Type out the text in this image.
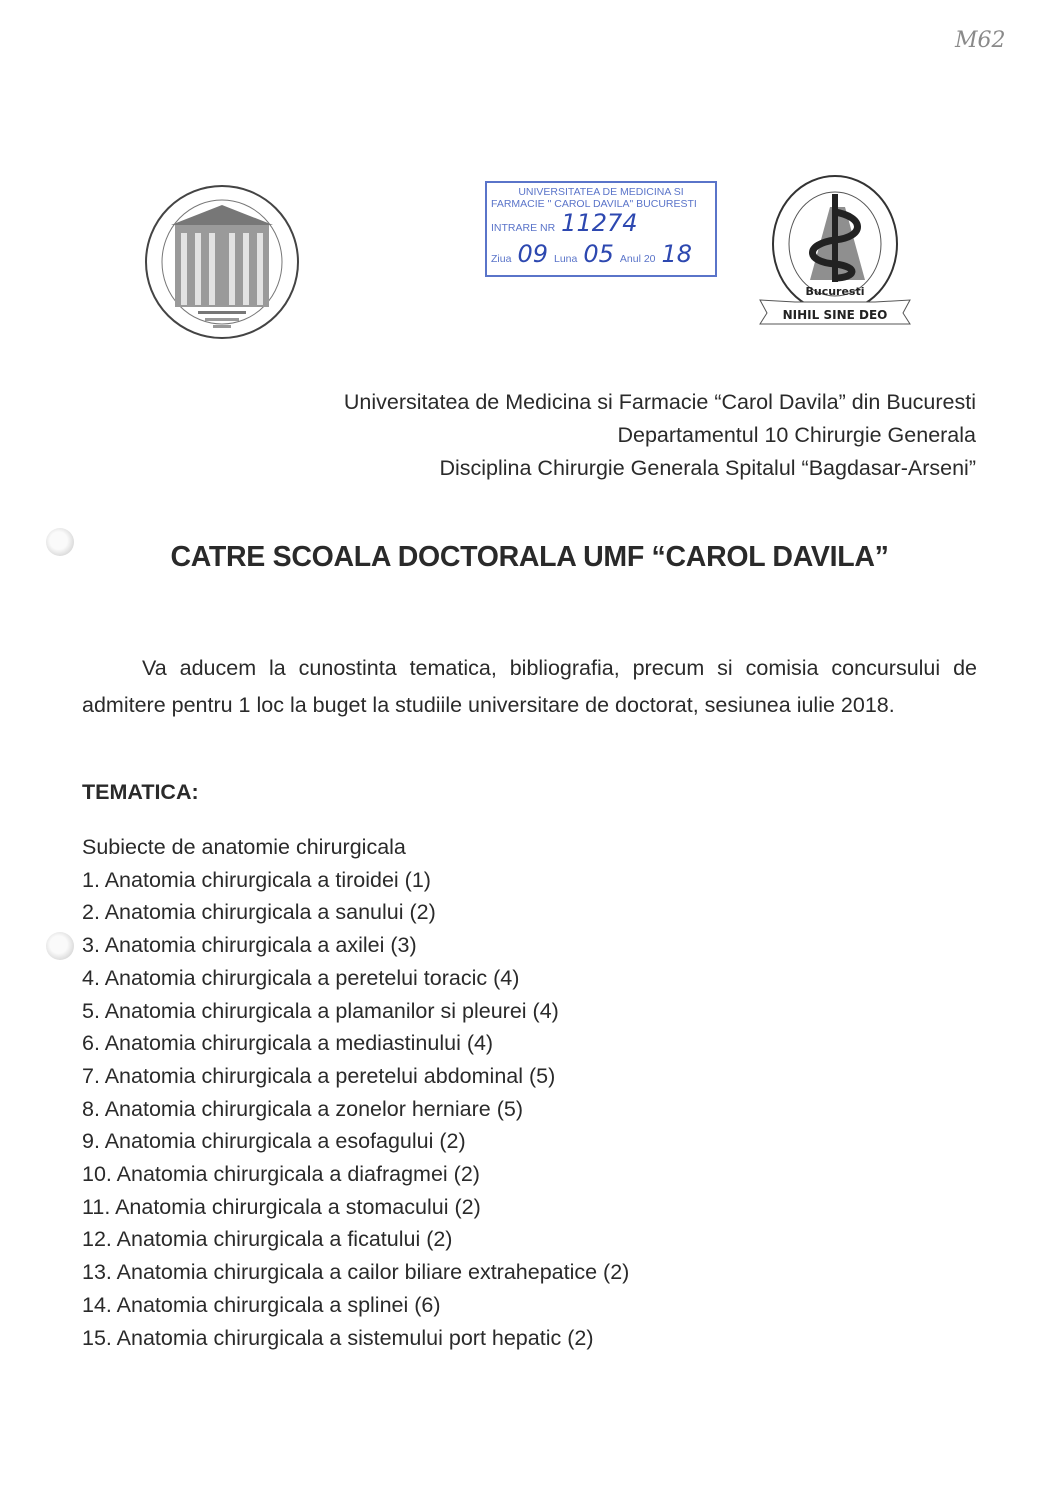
M62
UNIVERSITATEA DE MEDICINA SI
FARMACIE " CAROL DAVILA" BUCURESTI
INTRARE NR 11274
Ziua 09 Luna 05 Anul 20 18
NIHIL SINE DEO
Bucuresti
Universitatea de Medicina si Farmacie “Carol Davila” din Bucuresti
Departamentul 10 Chirurgie Generala
Disciplina Chirurgie Generala Spitalul “Bagdasar-Arseni”
CATRE SCOALA DOCTORALA UMF “CAROL DAVILA”
Va aducem la cunostinta tematica, bibliografia, precum si comisia concursului de admitere pentru 1 loc la buget la studiile universitare de doctorat, sesiunea iulie 2018.
TEMATICA:
Subiecte de anatomie chirurgicala
1. Anatomia chirurgicala a tiroidei (1)
2. Anatomia chirurgicala a sanului (2)
3. Anatomia chirurgicala a axilei (3)
4. Anatomia chirurgicala a peretelui toracic (4)
5. Anatomia chirurgicala a plamanilor si pleurei (4)
6. Anatomia chirurgicala a mediastinului (4)
7. Anatomia chirurgicala a peretelui abdominal (5)
8. Anatomia chirurgicala a zonelor herniare (5)
9. Anatomia chirurgicala a esofagului (2)
10. Anatomia chirurgicala a diafragmei (2)
11. Anatomia chirurgicala a stomacului (2)
12. Anatomia chirurgicala a ficatului (2)
13. Anatomia chirurgicala a cailor biliare extrahepatice (2)
14. Anatomia chirurgicala a splinei (6)
15. Anatomia chirurgicala a sistemului port hepatic (2)
